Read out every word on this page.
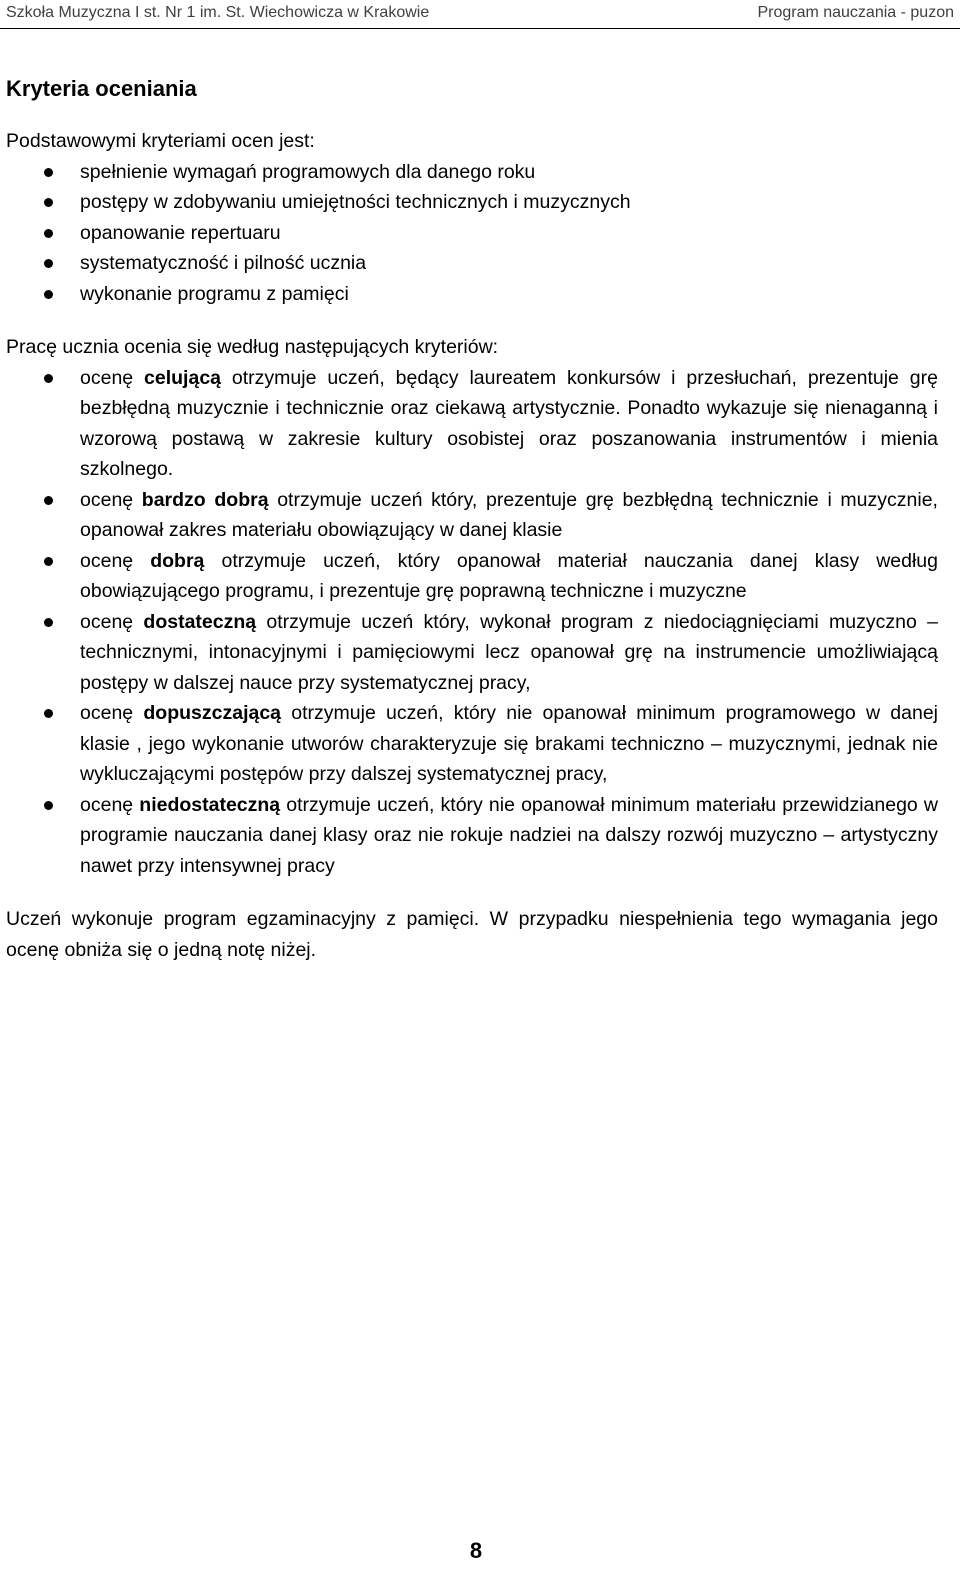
Szkoła Muzyczna I st. Nr 1 im. St. Wiechowicza w Krakowie	Program nauczania - puzon
Kryteria oceniania

Podstawowymi kryteriami ocen jest:

spełnienie wymagań programowych dla danego roku
postępy w zdobywaniu umiejętności technicznych i muzycznych
opanowanie repertuaru
systematyczność i pilność ucznia
wykonanie programu z pamięci

Pracę ucznia ocenia się według następujących kryteriów:

ocenę celującą otrzymuje uczeń, będący laureatem konkursów i przesłuchań, prezentuje grę bezbłędną muzycznie i technicznie oraz ciekawą artystycznie. Ponadto wykazuje się nienaganną i wzorową postawą w zakresie kultury osobistej oraz poszanowania instrumentów i mienia szkolnego.
ocenę bardzo dobrą otrzymuje uczeń który, prezentuje grę bezbłędną technicznie i muzycznie, opanował zakres materiału obowiązujący w danej klasie
ocenę dobrą otrzymuje uczeń, który opanował materiał nauczania danej klasy według obowiązującego programu, i prezentuje grę poprawną techniczne i muzyczne
ocenę dostateczną otrzymuje uczeń który, wykonał program z niedociągnięciami muzyczno – technicznymi, intonacyjnymi i pamięciowymi lecz opanował grę na instrumencie umożliwiającą postępy w dalszej nauce przy systematycznej pracy,
ocenę dopuszczającą otrzymuje uczeń, który nie opanował minimum programowego w danej klasie , jego wykonanie utworów charakteryzuje się brakami techniczno – muzycznymi, jednak nie wykluczającymi postępów przy dalszej systematycznej pracy,
ocenę niedostateczną otrzymuje uczeń, który nie opanował minimum materiału przewidzianego w programie nauczania danej klasy oraz nie rokuje nadziei na dalszy rozwój muzyczno – artystyczny nawet przy intensywnej pracy

Uczeń wykonuje program egzaminacyjny z pamięci. W przypadku niespełnienia tego wymagania jego ocenę obniża się o jedną notę niżej.

8
